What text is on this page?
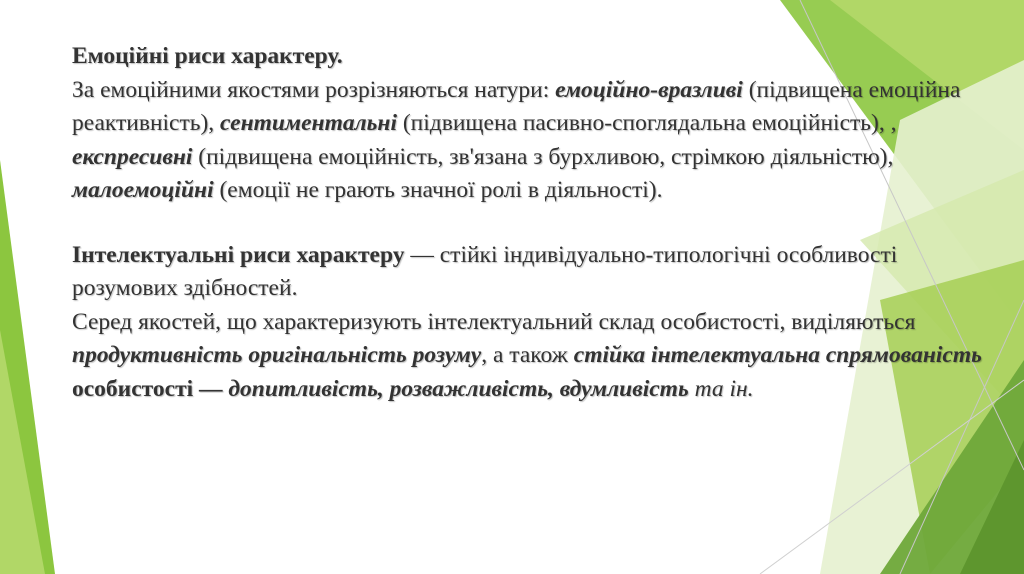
Емоційні риси характеру.
За емоційними якостями розрізняються натури: емоційно-вразливі (підвищена емоційна реактивність), сентиментальні (підвищена пасивно-споглядальна емоційність), , експресивні (підвищена емоційність, зв'язана з бурхливою, стрімкою діяльністю), малоемоційні (емоції не грають значної ролі в діяльності).

Інтелектуальні риси характеру — стійкі індивідуально-типологічні особливості розумових здібностей.
Серед якостей, що характеризують інтелектуальний склад особистості, виділяються продуктивність оригінальність розуму, а також стійка інтелектуальна спрямованість особистості — допитливість, розважливість, вдумливість та ін.
